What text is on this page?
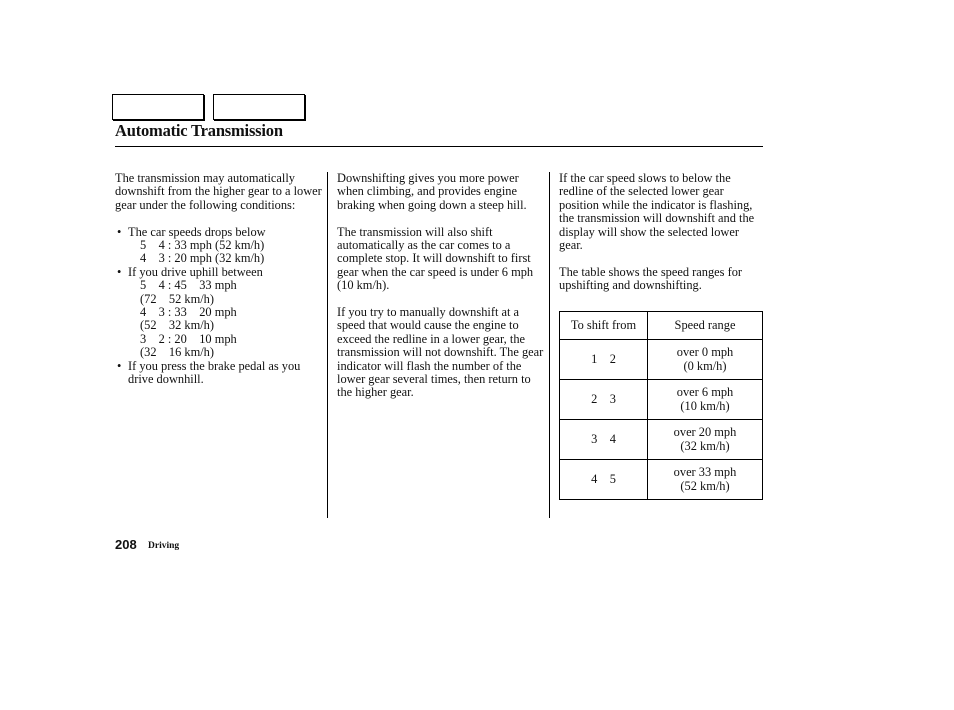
Automatic Transmission

The transmission may automatically downshift from the higher gear to a lower gear under the following conditions:

• The car speeds drops below
5    4 : 33 mph (52 km/h)
4    3 : 20 mph (32 km/h)
• If you drive uphill between
5    4 : 45    33 mph
(72    52 km/h)
4    3 : 33    20 mph
(52    32 km/h)
3    2 : 20    10 mph
(32    16 km/h)
• If you press the brake pedal as you drive downhill.

Downshifting gives you more power when climbing, and provides engine braking when going down a steep hill.

The transmission will also shift automatically as the car comes to a complete stop. It will downshift to first gear when the car speed is under 6 mph (10 km/h).

If you try to manually downshift at a speed that would cause the engine to exceed the redline in a lower gear, the transmission will not downshift. The gear indicator will flash the number of the lower gear several times, then return to the higher gear.

If the car speed slows to below the redline of the selected lower gear position while the indicator is flashing, the transmission will downshift and the display will show the selected lower gear.

The table shows the speed ranges for upshifting and downshifting.

To shift from	Speed range
1    2	over 0 mph
(0 km/h)

2    3	over 6 mph
(10 km/h)

3    4	over 20 mph
(32 km/h)

4    5	over 33 mph
(52 km/h)
208 Driving
